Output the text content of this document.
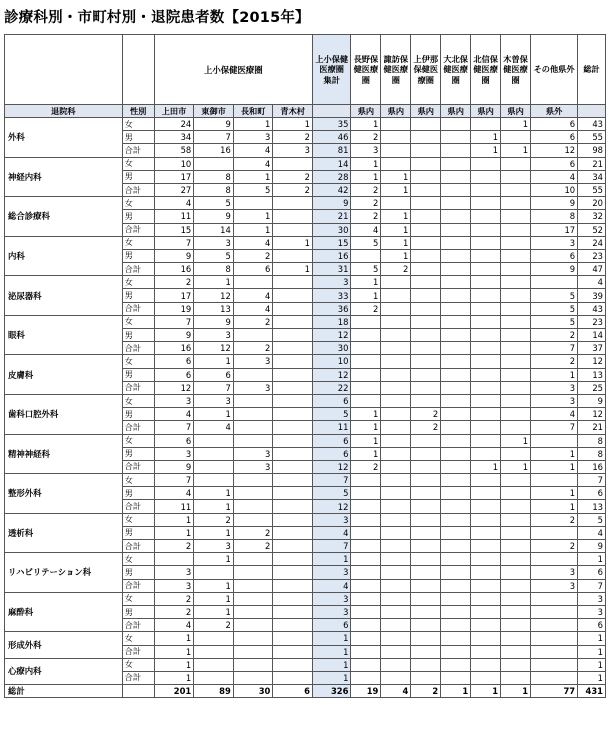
診療科別・市町村別・退院患者数【2015年】
		上小保健医療圏				上小保健医療圏 集計	長野保健医療圏	諏訪保健医療圏	上伊那保健医療圏	大北保健医療圏	北信保健医療圏	木曽保健医療圏	その他県外	総計
退院科	性別	上田市	東御市	長和町	青木村		県内	県内	県内	県内	県内	県内	県外	
外科	女	24	9	1	1	35	1					1	6	43
	男	34	7	3	2	46	2				1		6	55
	合計	58	16	4	3	81	3				1	1	12	98
神経内科	女	10		4		14	1						6	21
	男	17	8	1	2	28	1	1					4	34
	合計	27	8	5	2	42	2	1					10	55
総合診療科	女	4	5			9	2						9	20
	男	11	9	1		21	2	1					8	32
	合計	15	14	1		30	4	1					17	52
内科	女	7	3	4	1	15	5	1					3	24
	男	9	5	2		16		1					6	23
	合計	16	8	6	1	31	5	2					9	47
泌尿器科	女	2	1			3	1							4
	男	17	12	4		33	1						5	39
	合計	19	13	4		36	2						5	43
眼科	女	7	9	2		18							5	23
	男	9	3			12							2	14
	合計	16	12	2		30							7	37
皮膚科	女	6	1	3		10							2	12
	男	6	6			12							1	13
	合計	12	7	3		22							3	25
歯科口腔外科	女	3	3			6							3	9
	男	4	1			5	1		2				4	12
	合計	7	4			11	1		2				7	21
精神神経科	女	6				6	1					1		8
	男	3		3		6	1						1	8
	合計	9		3		12	2				1	1	1	16
整形外科	女	7				7								7
	男	4	1			5							1	6
	合計	11	1			12							1	13
透析科	女	1	2			3							2	5
	男	1	1	2		4								4
	合計	2	3	2		7							2	9
リハビリテーション科	女		1			1								1
	男	3				3							3	6
	合計	3	1			4							3	7
麻酔科	女	2	1			3								3
	男	2	1			3								3
	合計	4	2			6								6
形成外科	女	1				1								1
	合計	1				1								1
心療内科	女	1				1								1
	合計	1				1								1
総計		201	89	30	6	326	19	4	2	1	1	1	77	431
